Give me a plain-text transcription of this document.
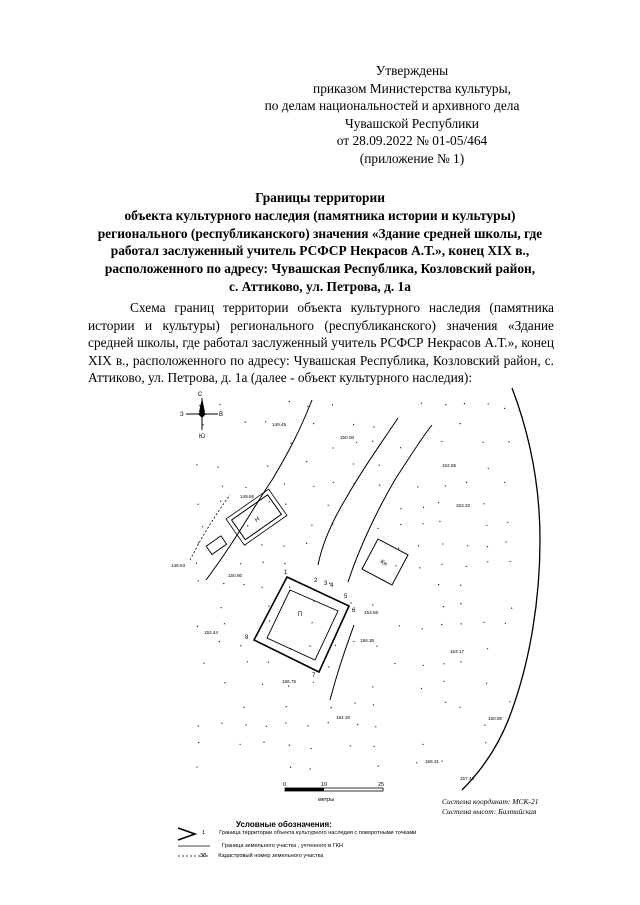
Утверждены
приказом Министерства культуры,
по делам национальностей и архивного дела
Чувашской Республики
от 28.09.2022 № 01-05/464
(приложение № 1)
Границы территории
объекта культурного наследия (памятника истории и культуры)
регионального (республиканского) значения «Здание средней школы, где
работал заслуженный учитель РСФСР Некрасов А.Т.», конец XIX в.,
расположенного по адресу: Чувашская Республика, Козловский район,
с. Аттиково, ул. Петрова, д. 1а

Схема границ территории объекта культурного наследия (памятника истории и культуры) регионального (республиканского) значения «Здание средней школы, где работал заслуженный учитель РСФСР Некрасов А.Т.», конец XIX в., расположенного по адресу: Чувашская Республика, Козловский район, с. Аттиково, ул. Петрова, д. 1а (далее - объект культурного наследия):

С
Ю
З	В
Н
Кн
П
1
2 3 4
5
6
7
8
149.45
150.00
152.55
153.32
149.66
149.53
150.80
152.44
153.56
153.17
156.35
154.30
156.76
156.31
157.43
150.90
0	10	25
метры	Система координат: МСК-21
Система высот: Балтийская
Условные обозначения:
1	Граница территории объекта культурного наследия с поворотными точками
Граница земельного участка , учтенного в ГКН
38 Кадастровый номер земельного участка
